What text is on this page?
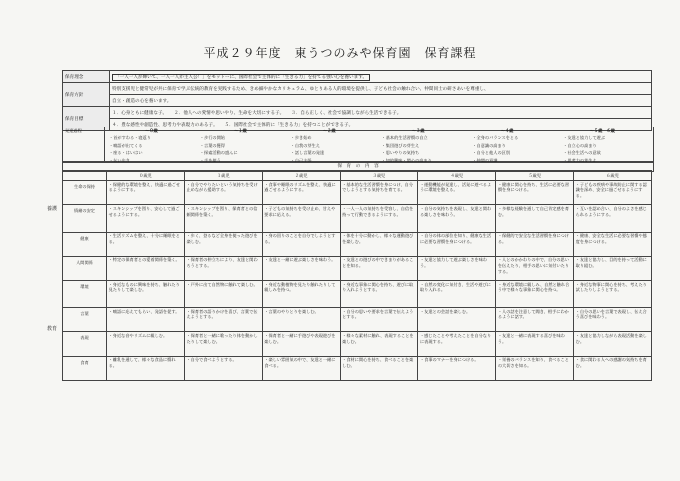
平成２９年度　東うつのみや保育園　保育課程
保育理念	「一人一人が輝いて、一人一人が主人公！」をモットーに、国際社会で主体的に「生きる力」を持てる強い心を養います。
保育方針	特別支援児と健常児が共に保育で学ぶ伝統的教育を実践するため、きめ細やかなカリキュラム、ゆとりある人的環境を提供し、子ども社会の触れ合い、仲間同士の研さあいを尊重し、
	自立・創造の心を養います。
保育目標	１．心身ともに健康な子。　　２．他人への愛情や思いやり、生命を大切にする子。　　３．自ら正しく、社会で協調しながら生活できる子。
	４．豊な感性や創造性、思考力や表現力のある子。　　５．国際社会で主体的に「生きる力」を持つことができる子。
発達過程	〜０歳	〜１歳	〜２歳	〜３歳	〜４歳	〜５歳　６歳
・首がすわる・寝返り	・歩行の開始	・歩き始め	・基本的生活習慣の自立	・全身のバランスをとる	・友達と協力して遊ぶ
・喃語が出てくる	・言葉の獲得	・自我の芽生え	・集団遊びの芽生え	・自意識の高まり	・自立心の高まり
・座る・はいはい	・探索活動の盛んに	・話し言葉の発達	・思いやりの気持ち	・自分と他人の区別	・社会生活への意欲
・伝い歩き	・手を使う	・自己主張	・知的興味・関心の高まり	・仲間の意識	・思考力の芽生え
保　育　の　内　容
	０歳児	１歳児	２歳児	３歳児	４歳児	５歳児	６歳児
生命の保持	・保健的な環境を整え、快適に過ごせるようにする。	・自分でやりたいという気持ちを受け止めながら援助する。	・食事や睡眠のリズムを整え、快適に過ごせるようにする。	・基本的な生活習慣を身につけ、自分でしようとする気持ちを育てる。	・運動機能が発達し、活発に遊べるように環境を整える。	・健康に関心を持ち、生活に必要な習慣を身につける。	・子どもの疾病や事故防止に関する認識を深め、安全に過ごせるようにする。
情緒の安定	・スキンシップを図り、安心して過ごせるようにする。	・スキンシップを図り、保育者との信頼関係を築く。	・子どもの気持ちを受け止め、甘えや要求に応える。	・一人一人の気持ちを受容し、自信を持って行動できるようにする。	・自分の気持ちを表現し、友達と関わる楽しさを味わう。	・多様な経験を通して自己肯定感を育む。	・互いを認め合い、自分のよさを感じられるようにする。
健康	・生活リズムを整え、十分に睡眠をとる。	・歩く、登るなど全身を使った遊びを楽しむ。	・身の回りのことを自分でしようとする。	・体を十分に動かし、様々な運動遊びを楽しむ。	・自分の体の部位を知り、健康な生活に必要な習慣を身につける。	・保健的で安全な生活習慣を身につける。	・健康、安全な生活に必要な習慣や態度を身につける。
人間関係	・特定の保育者との愛着関係を築く。	・保育者の仲立ちにより、友達と関わろうとする。	・友達と一緒に遊ぶ楽しさを味わう。	・友達との遊びの中できまりがあることを知る。	・友達と協力して遊ぶ楽しさを味わう。	・人とのかかわりの中で、自分の思いを伝えたり、相手の思いに気付いたりする。	・友達と協力し、目的を持って活動に取り組む。
環境	・身近なものに興味を持ち、触れたり見たりして楽しむ。	・戸外に出て自然物に触れて楽しむ。	・身近な動植物を見たり触れたりして親しみを持つ。	・身近な事象に関心を持ち、遊びに取り入れようとする。	・自然の変化に気付き、生活や遊びに取り入れる。	・身近な環境に親しみ、自然と触れ合う中で様々な事象に関心を持つ。	・身近な物事に関心を持ち、考えたり試したりしようとする。
言葉	・喃語に応えてもらい、発語を促す。	・保育者の語りかけを喜び、言葉で伝えようとする。	・言葉のやりとりを楽しむ。	・自分の思いや要求を言葉で伝えようとする。	・友達との会話を楽しむ。	・人の話を注意して聞き、相手にわかるように話す。	・自分の思いを言葉で表現し、伝え合う喜びを味わう。
表現	・身近な音やリズムに親しむ。	・保育者と一緒に歌ったり体を動かしたりして楽しむ。	・保育者と一緒に手遊びや表現遊びを楽しむ。	・様々な素材に触れ、表現することを楽しむ。	・感じたことや考えたことを自分なりに表現する。	・友達と一緒に表現する喜びを味わう。	・友達と協力しながら表現活動を楽しむ。
食育	・離乳を通して、様々な食品に慣れる。	・自分で食べようとする。	・楽しい雰囲気の中で、友達と一緒に食べる。	・食材に関心を持ち、食べることを楽しむ。	・食事のマナーを身につける。	・栄養のバランスを知り、食べることの大切さを知る。	・食に関わる人への感謝の気持ちを育む。
養護
教育
